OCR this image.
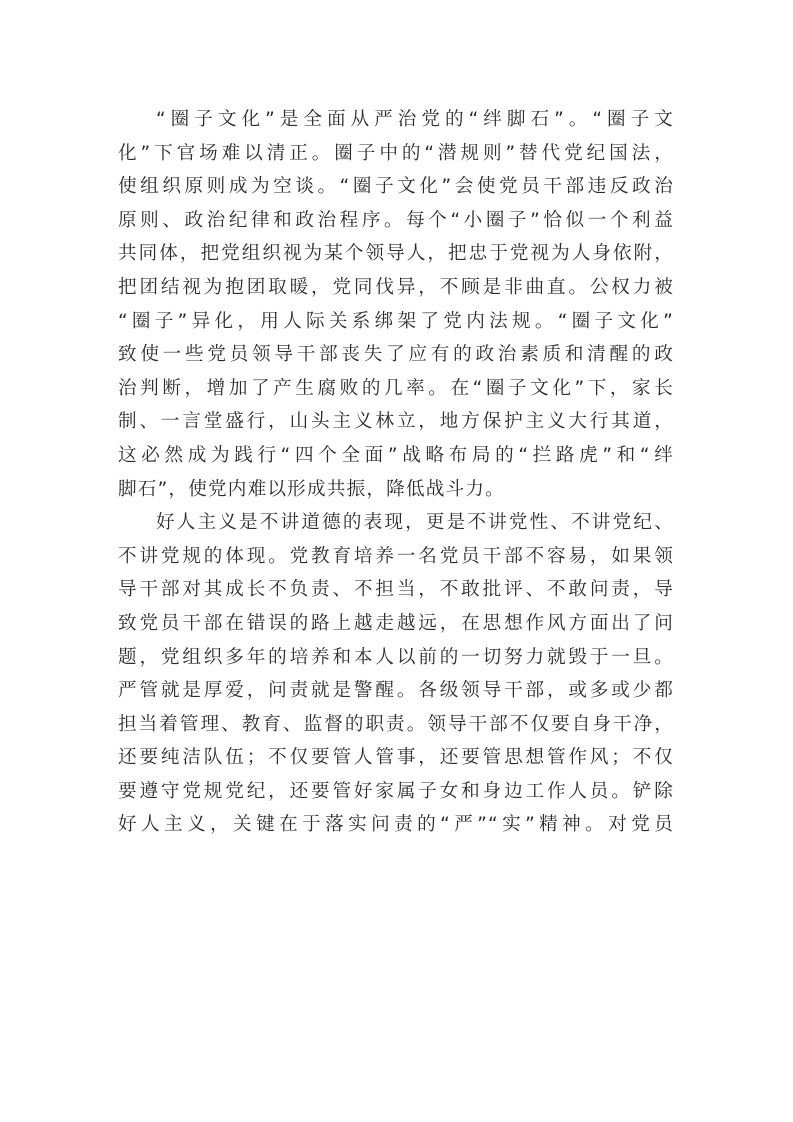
“圈子文化”是全面从严治党的“绊脚石”。“圈子文
化”下官场难以清正。圈子中的“潜规则”替代党纪国法，
使组织原则成为空谈。“圈子文化”会使党员干部违反政治
原则、政治纪律和政治程序。每个“小圈子”恰似一个利益
共同体，把党组织视为某个领导人，把忠于党视为人身依附，
把团结视为抱团取暖，党同伐异，不顾是非曲直。公权力被
“圈子”异化，用人际关系绑架了党内法规。“圈子文化”
致使一些党员领导干部丧失了应有的政治素质和清醒的政
治判断，增加了产生腐败的几率。在“圈子文化”下，家长
制、一言堂盛行，山头主义林立，地方保护主义大行其道，
这必然成为践行“四个全面”战略布局的“拦路虎”和“绊
脚石”，使党内难以形成共振，降低战斗力。
好人主义是不讲道德的表现，更是不讲党性、不讲党纪、
不讲党规的体现。党教育培养一名党员干部不容易，如果领
导干部对其成长不负责、不担当，不敢批评、不敢问责，导
致党员干部在错误的路上越走越远，在思想作风方面出了问
题，党组织多年的培养和本人以前的一切努力就毁于一旦。
严管就是厚爱，问责就是警醒。各级领导干部，或多或少都
担当着管理、教育、监督的职责。领导干部不仅要自身干净，
还要纯洁队伍；不仅要管人管事，还要管思想管作风；不仅
要遵守党规党纪，还要管好家属子女和身边工作人员。铲除
好人主义，关键在于落实问责的“严”“实”精神。对党员
